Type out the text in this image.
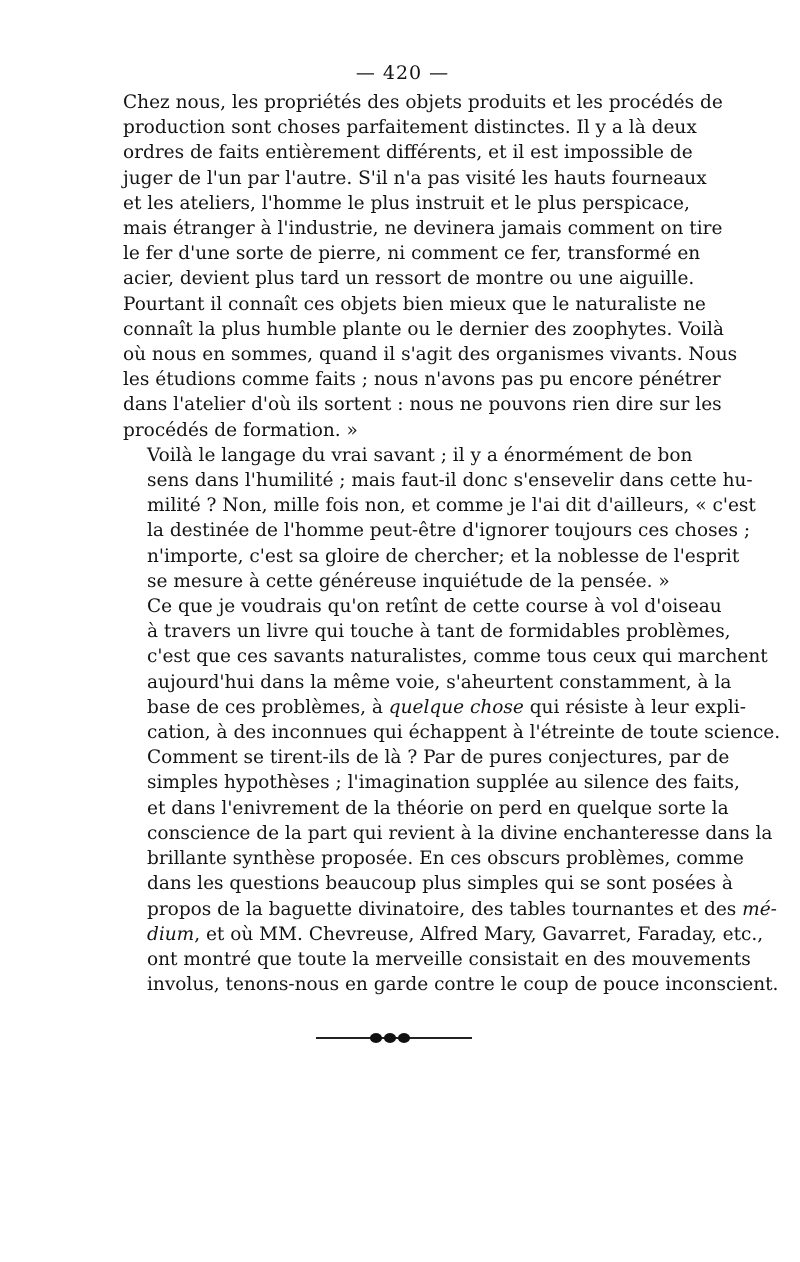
— 420 —

Chez nous, les propriétés des objets produits et les procédés de
production sont choses parfaitement distinctes. Il y a là deux
ordres de faits entièrement différents, et il est impossible de
juger de l'un par l'autre. S'il n'a pas visité les hauts fourneaux
et les ateliers, l'homme le plus instruit et le plus perspicace,
mais étranger à l'industrie, ne devinera jamais comment on tire
le fer d'une sorte de pierre, ni comment ce fer, transformé en
acier, devient plus tard un ressort de montre ou une aiguille.
Pourtant il connaît ces objets bien mieux que le naturaliste ne
connaît la plus humble plante ou le dernier des zoophytes. Voilà
où nous en sommes, quand il s'agit des organismes vivants. Nous
les étudions comme faits ; nous n'avons pas pu encore pénétrer
dans l'atelier d'où ils sortent : nous ne pouvons rien dire sur les
procédés de formation. »

Voilà le langage du vrai savant ; il y a énormément de bon
sens dans l'humilité ; mais faut-il donc s'ensevelir dans cette hu-
milité ? Non, mille fois non, et comme je l'ai dit d'ailleurs, « c'est
la destinée de l'homme peut-être d'ignorer toujours ces choses ;
n'importe, c'est sa gloire de chercher; et la noblesse de l'esprit
se mesure à cette généreuse inquiétude de la pensée. »

Ce que je voudrais qu'on retînt de cette course à vol d'oiseau
à travers un livre qui touche à tant de formidables problèmes,
c'est que ces savants naturalistes, comme tous ceux qui marchent
aujourd'hui dans la même voie, s'aheurtent constamment, à la
base de ces problèmes, à quelque chose qui résiste à leur expli-
cation, à des inconnues qui échappent à l'étreinte de toute science.
Comment se tirent-ils de là ? Par de pures conjectures, par de
simples hypothèses ; l'imagination supplée au silence des faits,
et dans l'enivrement de la théorie on perd en quelque sorte la
conscience de la part qui revient à la divine enchanteresse dans la
brillante synthèse proposée. En ces obscurs problèmes, comme
dans les questions beaucoup plus simples qui se sont posées à
propos de la baguette divinatoire, des tables tournantes et des mé-
dium, et où MM. Chevreuse, Alfred Mary, Gavarret, Faraday, etc.,
ont montré que toute la merveille consistait en des mouvements
involus, tenons-nous en garde contre le coup de pouce inconscient.
